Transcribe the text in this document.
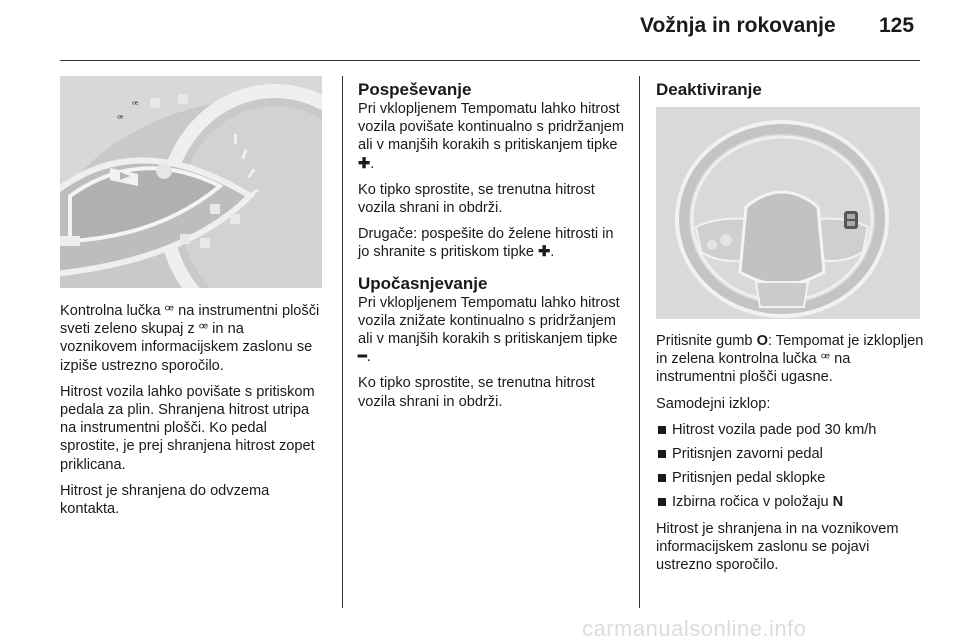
Vožnja in rokovanje 125
ꟹ
ꟹ

Kontrolna lučka ꟹ na instrumentni plošči sveti zeleno skupaj z ꟹ in na voznikovem informacijskem zaslonu se izpiše ustrezno sporočilo.

Hitrost vozila lahko povišate s pritiskom pedala za plin. Shranjena hitrost utripa na instrumentni plošči. Ko pedal sprostite, je prej shranjena hitrost zopet priklicana.

Hitrost je shranjena do odvzema kontakta.

Pospeševanje

Pri vklopljenem Tempomatu lahko hitrost vozila povišate kontinualno s pridržanjem ali v manjših korakih s pritiskanjem tipke ✚.

Ko tipko sprostite, se trenutna hitrost vozila shrani in obdrži.

Drugače: pospešite do želene hitrosti in jo shranite s pritiskom tipke ✚.

Upočasnjevanje

Pri vklopljenem Tempomatu lahko hitrost vozila znižate kontinualno s pridržanjem ali v manjših korakih s pritiskanjem tipke ━.

Ko tipko sprostite, se trenutna hitrost vozila shrani in obdrži.

Deaktiviranje

Pritisnite gumb O: Tempomat je izklopljen in zelena kontrolna lučka ꟹ na instrumentni plošči ugasne.

Samodejni izklop:

Hitrost vozila pade pod 30 km/h
Pritisnjen zavorni pedal
Pritisnjen pedal sklopke
Izbirna ročica v položaju N

Hitrost je shranjena in na voznikovem informacijskem zaslonu se pojavi ustrezno sporočilo.

carmanualsonline.info
